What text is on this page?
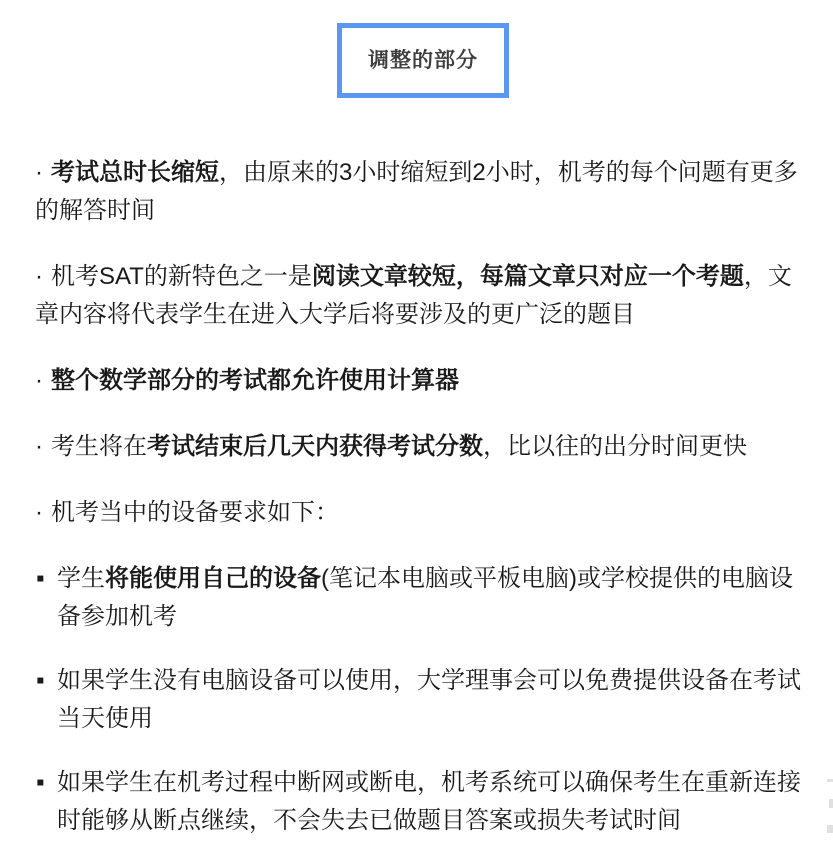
调整的部分

· 考试总时长缩短，由原来的3小时缩短到2小时，机考的每个问题有更多的解答时间

· 机考SAT的新特色之一是阅读文章较短，每篇文章只对应一个考题，文章内容将代表学生在进入大学后将要涉及的更广泛的题目

· 整个数学部分的考试都允许使用计算器

· 考生将在考试结束后几天内获得考试分数，比以往的出分时间更快

· 机考当中的设备要求如下：

▪ 学生将能使用自己的设备(笔记本电脑或平板电脑)或学校提供的电脑设备参加机考
▪ 如果学生没有电脑设备可以使用，大学理事会可以免费提供设备在考试当天使用
▪ 如果学生在机考过程中断网或断电，机考系统可以确保考生在重新连接时能够从断点继续，不会失去已做题目答案或损失考试时间
